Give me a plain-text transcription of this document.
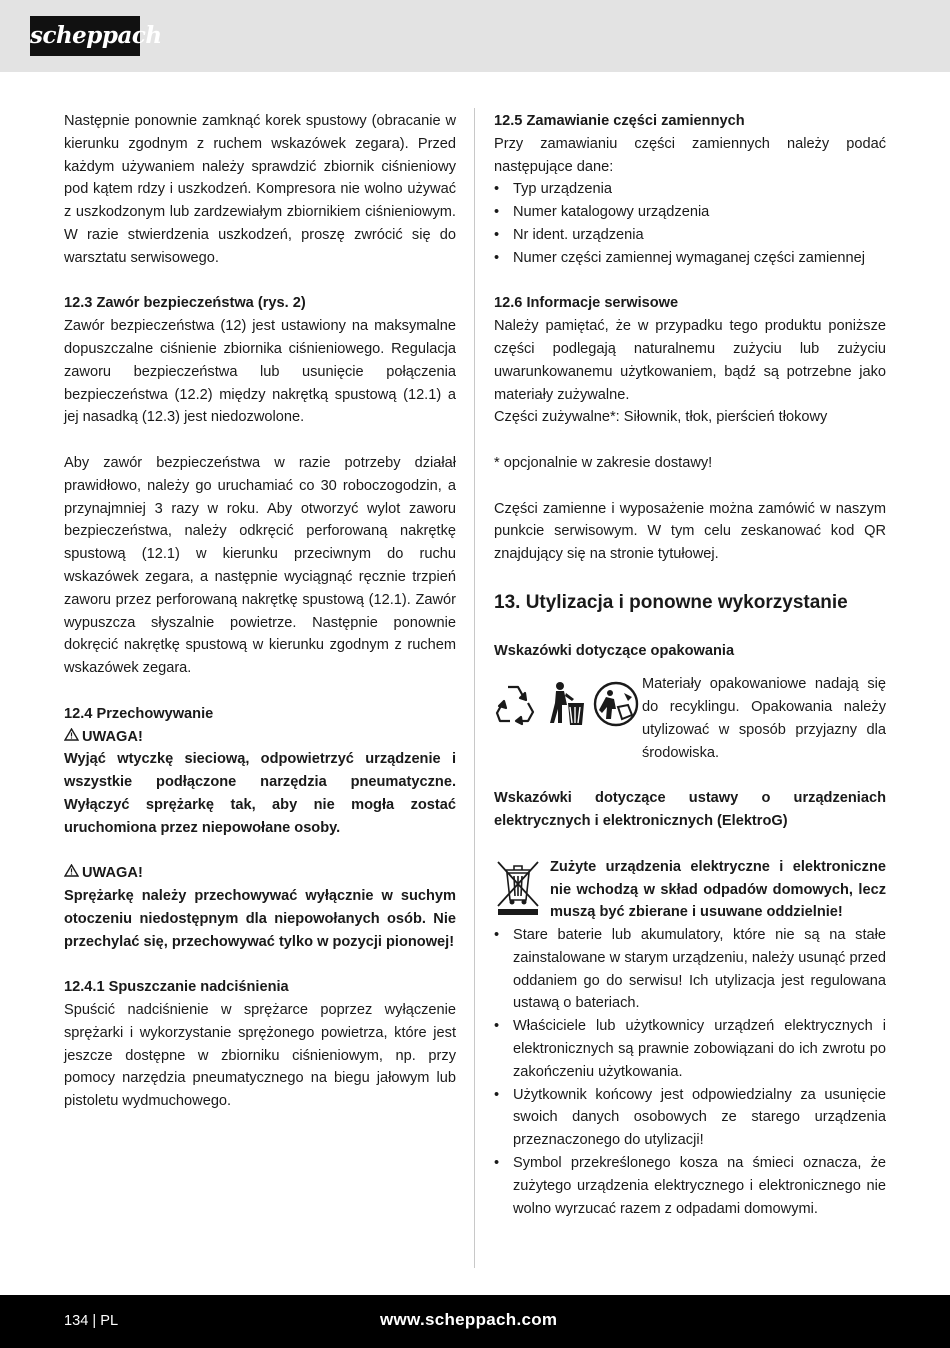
scheppach

Następnie ponownie zamknąć korek spustowy (obracanie w kierunku zgodnym z ruchem wskazówek zegara). Przed każdym używaniem należy sprawdzić zbiornik ciśnieniowy pod kątem rdzy i uszkodzeń. Kompresora nie wolno używać z uszkodzonym lub zardzewiałym zbiornikiem ciśnieniowym. W razie stwierdzenia uszkodzeń, proszę zwrócić się do warsztatu serwisowego.

12.3 Zawór bezpieczeństwa (rys. 2)

Zawór bezpieczeństwa (12) jest ustawiony na maksymalne dopuszczalne ciśnienie zbiornika ciśnieniowego. Regulacja zaworu bezpieczeństwa lub usunięcie połączenia bezpieczeństwa (12.2) między nakrętką spustową (12.1) a jej nasadką (12.3) jest niedozwolone.

Aby zawór bezpieczeństwa w razie potrzeby działał prawidłowo, należy go uruchamiać co 30 roboczogodzin, a przynajmniej 3 razy w roku. Aby otworzyć wylot zaworu bezpieczeństwa, należy odkręcić perforowaną nakrętkę spustową (12.1) w kierunku przeciwnym do ruchu wskazówek zegara, a następnie wyciągnąć ręcznie trzpień zaworu przez perforowaną nakrętkę spustową (12.1). Zawór wypuszcza słyszalnie powietrze. Następnie ponownie dokręcić nakrętkę spustową w kierunku zgodnym z ruchem wskazówek zegara.

12.4 Przechowywanie
UWAGA!

Wyjąć wtyczkę sieciową, odpowietrzyć urządzenie i wszystkie podłączone narzędzia pneumatyczne. Wyłączyć sprężarkę tak, aby nie mogła zostać uruchomiona przez niepowołane osoby.

UWAGA!

Sprężarkę należy przechowywać wyłącznie w suchym otoczeniu niedostępnym dla niepowołanych osób. Nie przechylać się, przechowywać tylko w pozycji pionowej!

12.4.1 Spuszczanie nadciśnienia

Spuścić nadciśnienie w sprężarce poprzez wyłączenie sprężarki i wykorzystanie sprężonego powietrza, które jest jeszcze dostępne w zbiorniku ciśnieniowym, np. przy pomocy narzędzia pneumatycznego na biegu jałowym lub pistoletu wydmuchowego.

12.5 Zamawianie części zamiennych

Przy zamawianiu części zamiennych należy podać następujące dane:

• Typ urządzenia
• Numer katalogowy urządzenia
• Nr ident. urządzenia
• Numer części zamiennej wymaganej części zamiennej
12.6 Informacje serwisowe

Należy pamiętać, że w przypadku tego produktu poniższe części podlegają naturalnemu zużyciu lub zużyciu uwarunkowanemu użytkowaniem, bądź są potrzebne jako materiały zużywalne.

Części zużywalne*: Siłownik, tłok, pierścień tłokowy

* opcjonalnie w zakresie dostawy!

Części zamienne i wyposażenie można zamówić w naszym punkcie serwisowym. W tym celu zeskanować kod QR znajdujący się na stronie tytułowej.

13. Utylizacja i ponowne wykorzystanie
Wskazówki dotyczące opakowania

Materiały opakowaniowe nadają się do recyklingu. Opakowania należy utylizować w sposób przyjazny dla środowiska.

Wskazówki dotyczące ustawy o urządzeniach elektrycznych i elektronicznych (ElektroG)

Zużyte urządzenia elektryczne i elektroniczne nie wchodzą w skład odpadów domowych, lecz muszą być zbierane i usuwane oddzielnie!

• Stare baterie lub akumulatory, które nie są na stałe zainstalowane w starym urządzeniu, należy usunąć przed oddaniem go do serwisu! Ich utylizacja jest regulowana ustawą o bateriach.
• Właściciele lub użytkownicy urządzeń elektrycznych i elektronicznych są prawnie zobowiązani do ich zwrotu po zakończeniu użytkowania.
• Użytkownik końcowy jest odpowiedzialny za usunięcie swoich danych osobowych ze starego urządzenia przeznaczonego do utylizacji!
• Symbol przekreślonego kosza na śmieci oznacza, że zużytego urządzenia elektrycznego i elektronicznego nie wolno wyrzucać razem z odpadami domowymi.
134 | PL	www.scheppach.com
